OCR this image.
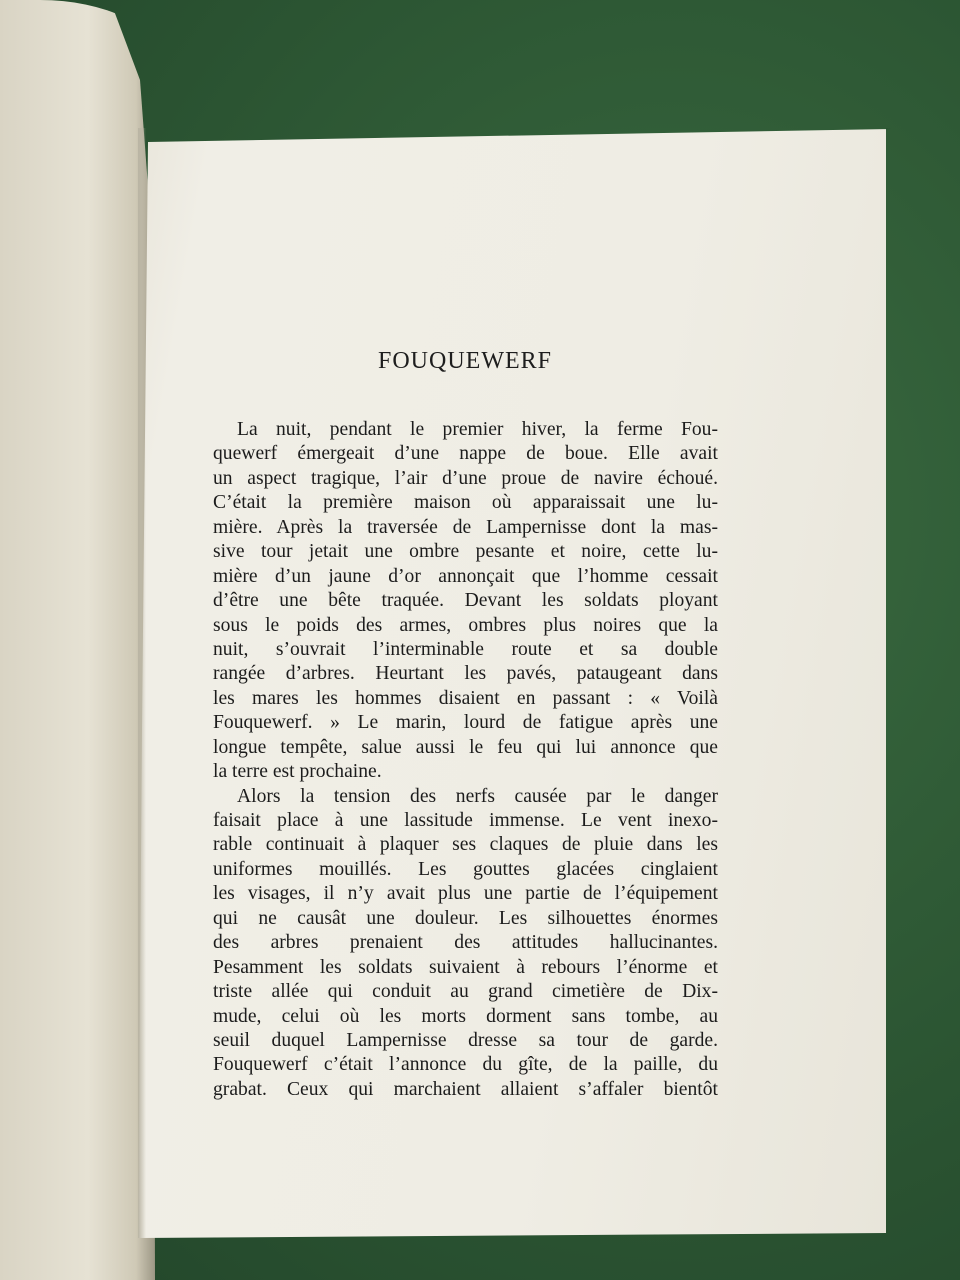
FOUQUEWERF
La nuit, pendant le premier hiver, la ferme Fou-
quewerf émergeait d’une nappe de boue. Elle avait
un aspect tragique, l’air d’une proue de navire échoué.
C’était la première maison où apparaissait une lu-
mière. Après la traversée de Lampernisse dont la mas-
sive tour jetait une ombre pesante et noire, cette lu-
mière d’un jaune d’or annonçait que l’homme cessait
d’être une bête traquée. Devant les soldats ployant
sous le poids des armes, ombres plus noires que la
nuit, s’ouvrait l’interminable route et sa double
rangée d’arbres. Heurtant les pavés, pataugeant dans
les mares les hommes disaient en passant : « Voilà
Fouquewerf. » Le marin, lourd de fatigue après une
longue tempête, salue aussi le feu qui lui annonce que
la terre est prochaine.
Alors la tension des nerfs causée par le danger
faisait place à une lassitude immense. Le vent inexo-
rable continuait à plaquer ses claques de pluie dans les
uniformes mouillés. Les gouttes glacées cinglaient
les visages, il n’y avait plus une partie de l’équipement
qui ne causât une douleur. Les silhouettes énormes
des arbres prenaient des attitudes hallucinantes.
Pesamment les soldats suivaient à rebours l’énorme et
triste allée qui conduit au grand cimetière de Dix-
mude, celui où les morts dorment sans tombe, au
seuil duquel Lampernisse dresse sa tour de garde.
Fouquewerf c’était l’annonce du gîte, de la paille, du
grabat. Ceux qui marchaient allaient s’affaler bientôt
